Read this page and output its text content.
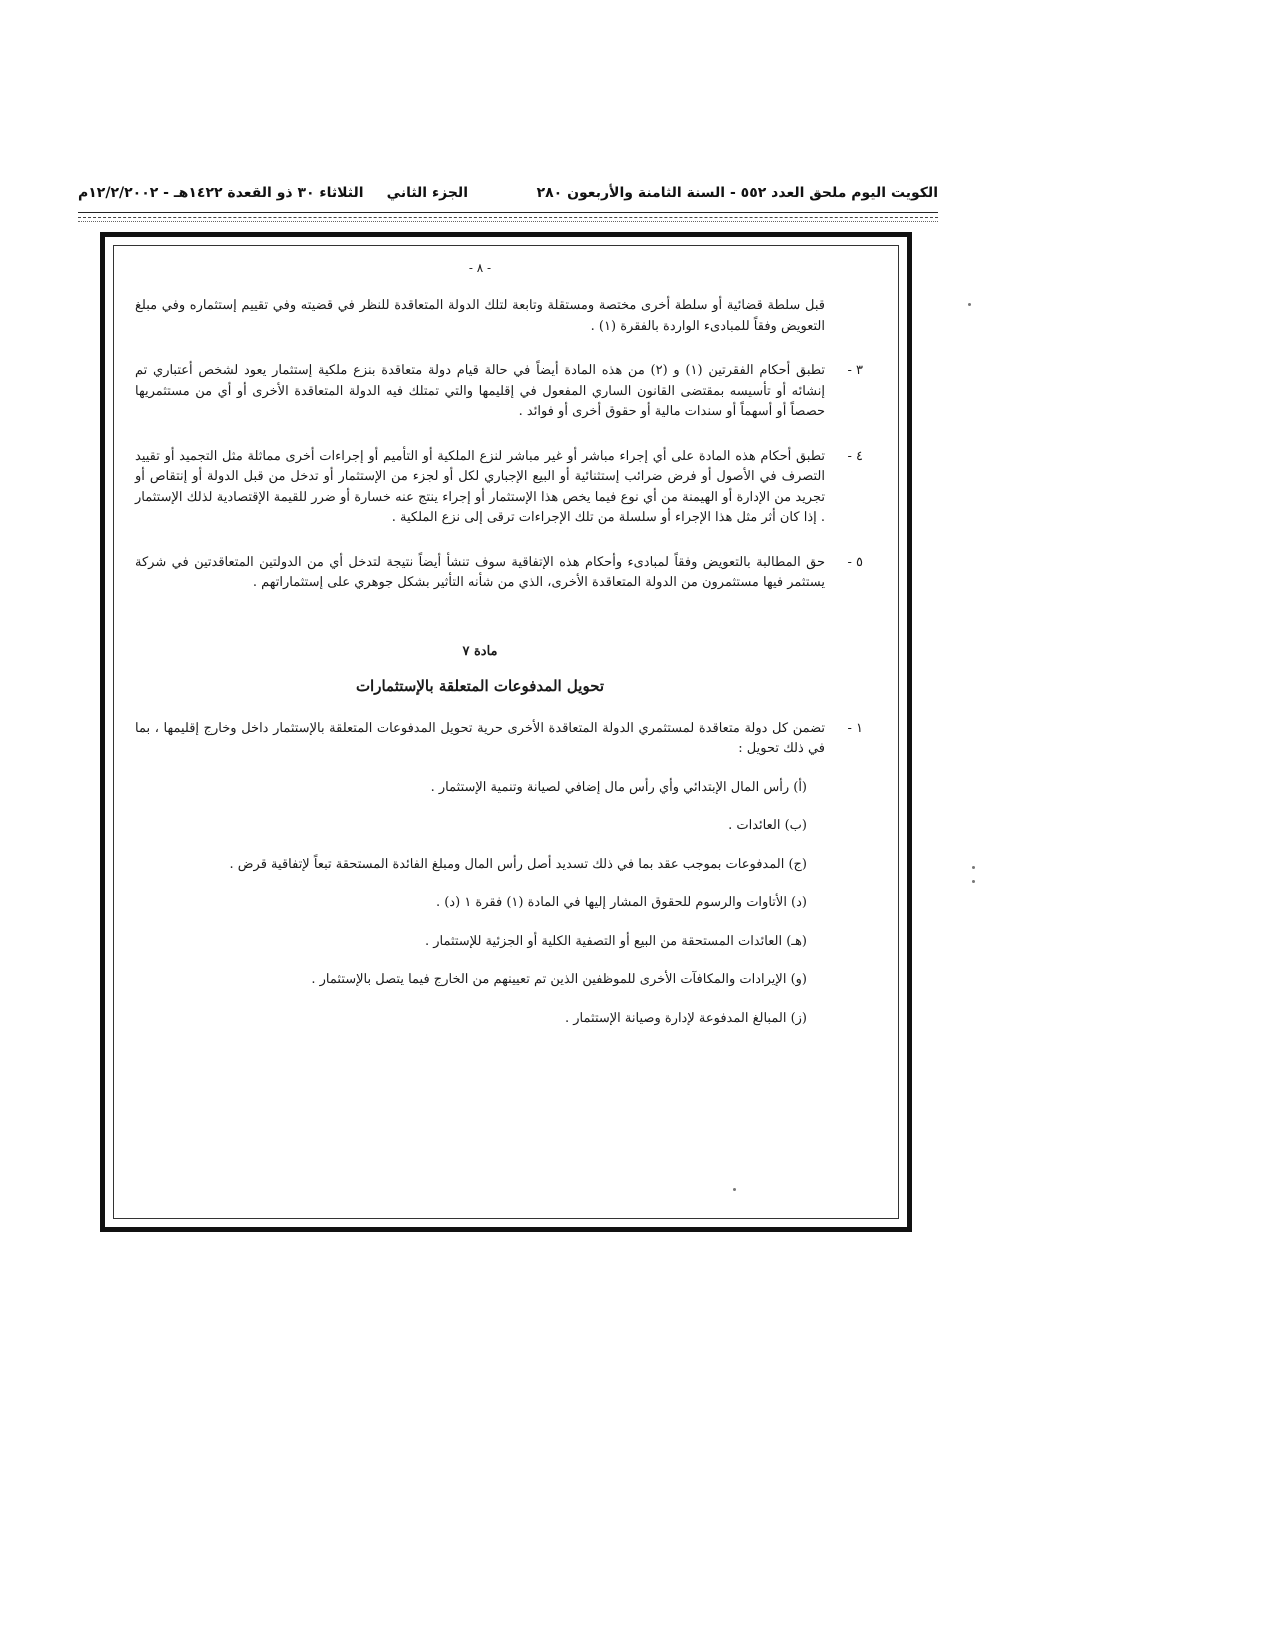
الكويت اليوم ملحق العدد ٥٥٢ - السنة الثامنة والأربعون ٢٨٠
الجزء الثاني
الثلاثاء ٣٠ ذو القعدة ١٤٢٢هـ - ١٢/٢/٢٠٠٢م
- ٨ -
قبل سلطة قضائية أو سلطة أخرى مختصة ومستقلة وتابعة لتلك الدولة المتعاقدة للنظر في قضيته وفي تقييم إستثماره وفي مبلغ التعويض وفقاً للمبادىء الواردة بالفقرة (١) .
٣ -
تطبق أحكام الفقرتين (١) و (٢) من هذه المادة أيضاً في حالة قيام دولة متعاقدة بنزع ملكية إستثمار يعود لشخص أعتباري تم إنشائه أو تأسيسه بمقتضى القانون الساري المفعول في إقليمها والتي تمتلك فيه الدولة المتعاقدة الأخرى أو أي من مستثمريها حصصاً أو أسهماً أو سندات مالية أو حقوق أخرى أو فوائد .
٤ -
تطبق أحكام هذه المادة على أي إجراء مباشر أو غير مباشر لنزع الملكية أو التأميم أو إجراءات أخرى مماثلة مثل التجميد أو تقييد التصرف في الأصول أو فرض ضرائب إستثنائية أو البيع الإجباري لكل أو لجزء من الإستثمار أو تدخل من قبل الدولة أو إنتقاص أو تجريد من الإدارة أو الهيمنة من أي نوع فيما يخص هذا الإستثمار أو إجراء ينتج عنه خسارة أو ضرر للقيمة الإقتصادية لذلك الإستثمار . إذا كان أثر مثل هذا الإجراء أو سلسلة من تلك الإجراءات ترقى إلى نزع الملكية .
٥ -
حق المطالبة بالتعويض وفقاً لمبادىء وأحكام هذه الإتفاقية سوف تنشأ أيضاً نتيجة لتدخل أي من الدولتين المتعاقدتين في شركة يستثمر فيها مستثمرون من الدولة المتعاقدة الأخرى، الذي من شأنه التأثير بشكل جوهري على إستثماراتهم .
مادة ٧
تحويل المدفوعات المتعلقة بالإستثمارات
١ -
تضمن كل دولة متعاقدة لمستثمري الدولة المتعاقدة الأخرى حرية تحويل المدفوعات المتعلقة بالإستثمار داخل وخارج إقليمها ، بما في ذلك تحويل :
(أ) رأس المال الإبتدائي وأي رأس مال إضافي لصيانة وتنمية الإستثمار .
(ب) العائدات .
(ج) المدفوعات بموجب عقد بما في ذلك تسديد أصل رأس المال ومبلغ الفائدة المستحقة تبعاً لإتفاقية قرض .
(د) الأتاوات والرسوم للحقوق المشار إليها في المادة (١) فقرة ١ (د) .
(هـ) العائدات المستحقة من البيع أو التصفية الكلية أو الجزئية للإستثمار .
(و) الإيرادات والمكافآت الأخرى للموظفين الذين تم تعيينهم من الخارج فيما يتصل بالإستثمار .
(ز) المبالغ المدفوعة لإدارة وصيانة الإستثمار .
